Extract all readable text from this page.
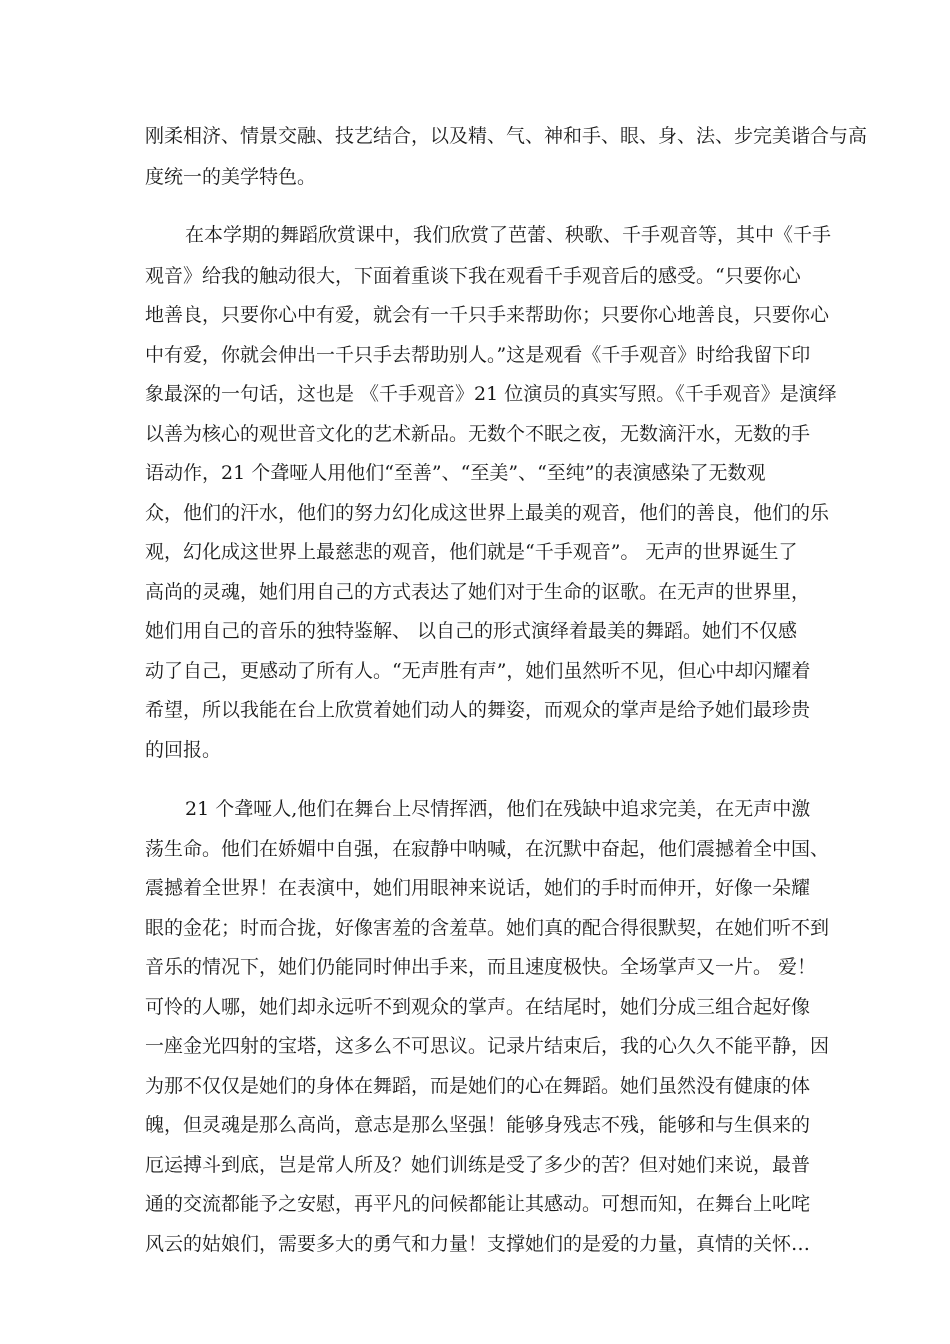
刚柔相济、情景交融、技艺结合，以及精、气、神和手、眼、身、法、步完美谐合与高
度统一的美学特色。
在本学期的舞蹈欣赏课中，我们欣赏了芭蕾、秧歌、千手观音等，其中《千手
观音》给我的触动很大，下面着重谈下我在观看千手观音后的感受。“只要你心
地善良，只要你心中有爱，就会有一千只手来帮助你；只要你心地善良，只要你心
中有爱，你就会伸出一千只手去帮助别人。”这是观看《千手观音》时给我留下印
象最深的一句话，这也是 《千手观音》21 位演员的真实写照。《千手观音》是演绎
以善为核心的观世音文化的艺术新品。无数个不眠之夜，无数滴汗水，无数的手
语动作，21 个聋哑人用他们“至善”、“至美”、“至纯”的表演感染了无数观
众，他们的汗水，他们的努力幻化成这世界上最美的观音，他们的善良，他们的乐
观，幻化成这世界上最慈悲的观音，他们就是“千手观音”。 无声的世界诞生了
高尚的灵魂，她们用自己的方式表达了她们对于生命的讴歌。在无声的世界里，
她们用自己的音乐的独特鉴解、 以自己的形式演绎着最美的舞蹈。她们不仅感
动了自己，更感动了所有人。“无声胜有声”，她们虽然听不见，但心中却闪耀着
希望，所以我能在台上欣赏着她们动人的舞姿，而观众的掌声是给予她们最珍贵
的回报。
21 个聋哑人,他们在舞台上尽情挥洒，他们在残缺中追求完美，在无声中激
荡生命。他们在娇媚中自强，在寂静中呐喊，在沉默中奋起，他们震撼着全中国、
震撼着全世界！在表演中，她们用眼神来说话，她们的手时而伸开，好像一朵耀
眼的金花；时而合拢，好像害羞的含羞草。她们真的配合得很默契，在她们听不到
音乐的情况下，她们仍能同时伸出手来，而且速度极快。全场掌声又一片。 爱！
可怜的人哪，她们却永远听不到观众的掌声。在结尾时，她们分成三组合起好像
一座金光四射的宝塔，这多么不可思议。记录片结束后，我的心久久不能平静，因
为那不仅仅是她们的身体在舞蹈，而是她们的心在舞蹈。她们虽然没有健康的体
魄，但灵魂是那么高尚，意志是那么坚强！能够身残志不残，能够和与生俱来的
厄运搏斗到底，岂是常人所及？她们训练是受了多少的苦？但对她们来说，最普
通的交流都能予之安慰，再平凡的问候都能让其感动。可想而知，在舞台上叱咤
风云的姑娘们，需要多大的勇气和力量！支撑她们的是爱的力量，真情的关怀…
